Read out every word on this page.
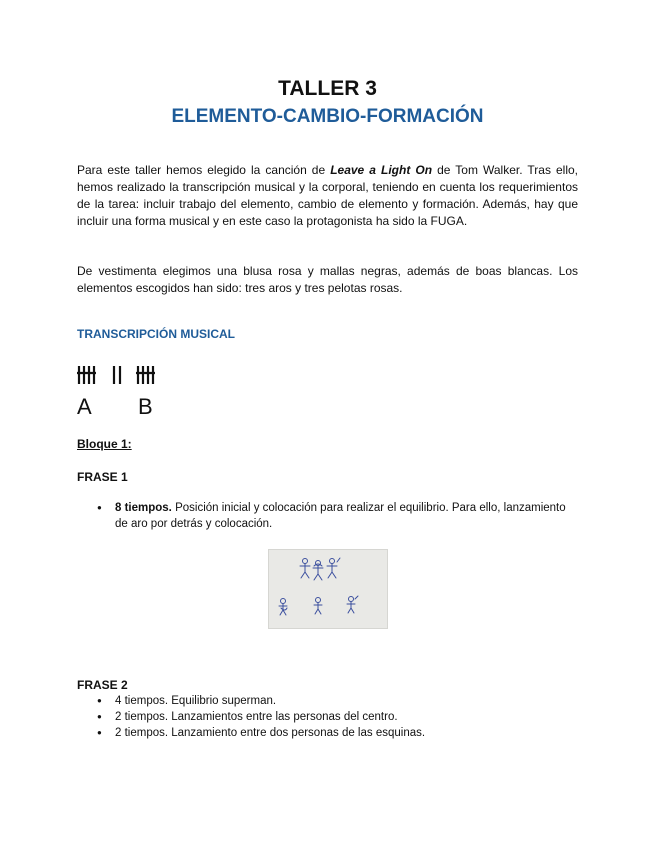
TALLER 3
ELEMENTO-CAMBIO-FORMACIÓN

Para este taller hemos elegido la canción de Leave a Light On de Tom Walker. Tras ello, hemos realizado la transcripción musical y la corporal, teniendo en cuenta los requerimientos de la tarea: incluir trabajo del elemento, cambio de elemento y formación. Además, hay que incluir una forma musical y en este caso la protagonista ha sido la FUGA.

De vestimenta elegimos una blusa rosa y mallas negras, además de boas blancas. Los elementos escogidos han sido: tres aros y tres pelotas rosas.

TRANSCRIPCIÓN MUSICAL
A B
Bloque 1:
FRASE 1
● 8 tiempos. Posición inicial y colocación para realizar el equilibrio. Para ello, lanzamiento de aro por detrás y colocación.
FRASE 2
● 4 tiempos. Equilibrio superman.
● 2 tiempos. Lanzamientos entre las personas del centro.
● 2 tiempos. Lanzamiento entre dos personas de las esquinas.
